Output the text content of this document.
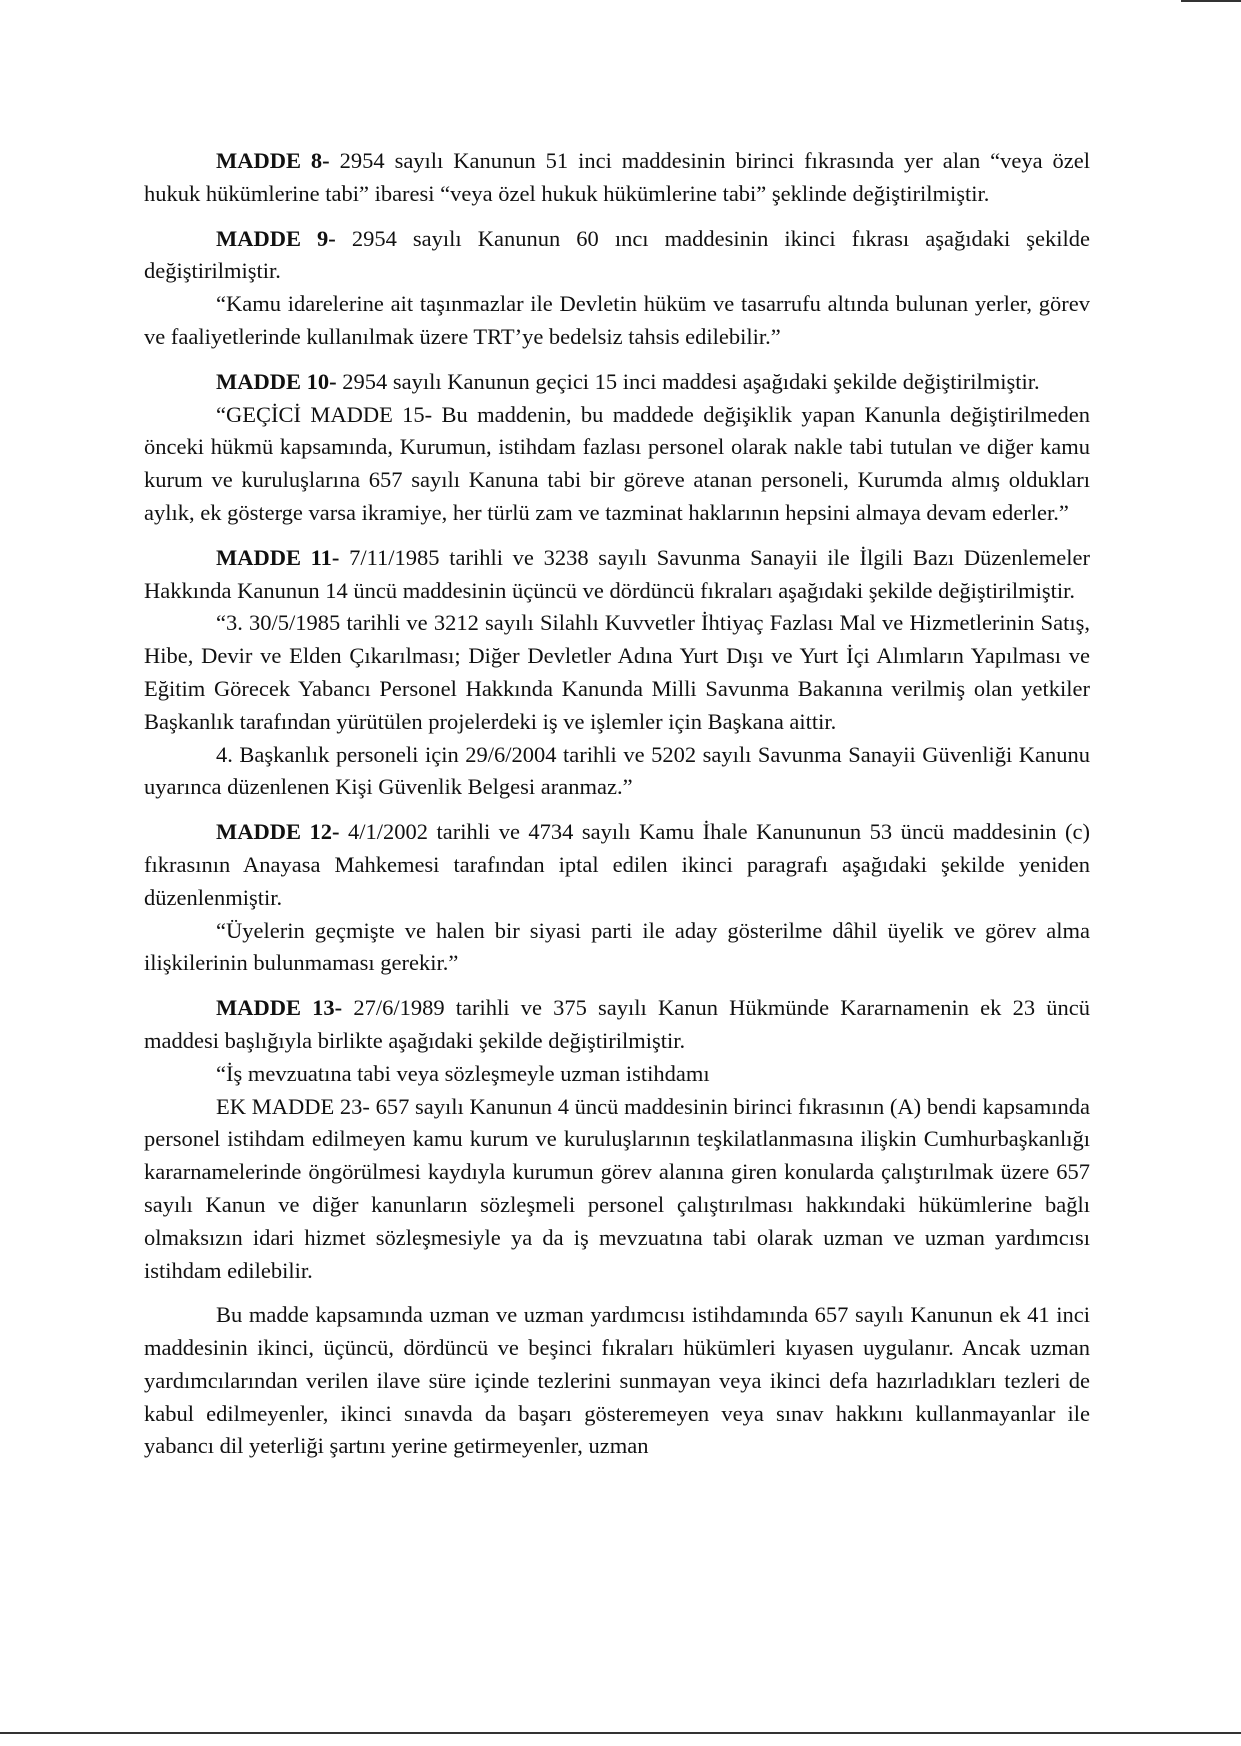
MADDE 8- 2954 sayılı Kanunun 51 inci maddesinin birinci fıkrasında yer alan “veya özel hukuk hükümlerine tabi” ibaresi “veya özel hukuk hükümlerine tabi” şeklinde değiştirilmiştir.

MADDE 9- 2954 sayılı Kanunun 60 ıncı maddesinin ikinci fıkrası aşağıdaki şekilde değiştirilmiştir.

“Kamu idarelerine ait taşınmazlar ile Devletin hüküm ve tasarrufu altında bulunan yerler, görev ve faaliyetlerinde kullanılmak üzere TRT’ye bedelsiz tahsis edilebilir.”

MADDE 10- 2954 sayılı Kanunun geçici 15 inci maddesi aşağıdaki şekilde değiştirilmiştir.

“GEÇİCİ MADDE 15- Bu maddenin, bu maddede değişiklik yapan Kanunla değiştirilmeden önceki hükmü kapsamında, Kurumun, istihdam fazlası personel olarak nakle tabi tutulan ve diğer kamu kurum ve kuruluşlarına 657 sayılı Kanuna tabi bir göreve atanan personeli, Kurumda almış oldukları aylık, ek gösterge varsa ikramiye, her türlü zam ve tazminat haklarının hepsini almaya devam ederler.”

MADDE 11- 7/11/1985 tarihli ve 3238 sayılı Savunma Sanayii ile İlgili Bazı Düzenlemeler Hakkında Kanunun 14 üncü maddesinin üçüncü ve dördüncü fıkraları aşağıdaki şekilde değiştirilmiştir.

“3. 30/5/1985 tarihli ve 3212 sayılı Silahlı Kuvvetler İhtiyaç Fazlası Mal ve Hizmetlerinin Satış, Hibe, Devir ve Elden Çıkarılması; Diğer Devletler Adına Yurt Dışı ve Yurt İçi Alımların Yapılması ve Eğitim Görecek Yabancı Personel Hakkında Kanunda Milli Savunma Bakanına verilmiş olan yetkiler Başkanlık tarafından yürütülen projelerdeki iş ve işlemler için Başkana aittir.

4. Başkanlık personeli için 29/6/2004 tarihli ve 5202 sayılı Savunma Sanayii Güvenliği Kanunu uyarınca düzenlenen Kişi Güvenlik Belgesi aranmaz.”

MADDE 12- 4/1/2002 tarihli ve 4734 sayılı Kamu İhale Kanununun 53 üncü maddesinin (c) fıkrasının Anayasa Mahkemesi tarafından iptal edilen ikinci paragrafı aşağıdaki şekilde yeniden düzenlenmiştir.

“Üyelerin geçmişte ve halen bir siyasi parti ile aday gösterilme dâhil üyelik ve görev alma ilişkilerinin bulunmaması gerekir.”

MADDE 13- 27/6/1989 tarihli ve 375 sayılı Kanun Hükmünde Kararnamenin ek 23 üncü maddesi başlığıyla birlikte aşağıdaki şekilde değiştirilmiştir.

“İş mevzuatına tabi veya sözleşmeyle uzman istihdamı

EK MADDE 23- 657 sayılı Kanunun 4 üncü maddesinin birinci fıkrasının (A) bendi kapsamında personel istihdam edilmeyen kamu kurum ve kuruluşlarının teşkilatlanmasına ilişkin Cumhurbaşkanlığı kararnamelerinde öngörülmesi kaydıyla kurumun görev alanına giren konularda çalıştırılmak üzere 657 sayılı Kanun ve diğer kanunların sözleşmeli personel çalıştırılması hakkındaki hükümlerine bağlı olmaksızın idari hizmet sözleşmesiyle ya da iş mevzuatına tabi olarak uzman ve uzman yardımcısı istihdam edilebilir.

Bu madde kapsamında uzman ve uzman yardımcısı istihdamında 657 sayılı Kanunun ek 41 inci maddesinin ikinci, üçüncü, dördüncü ve beşinci fıkraları hükümleri kıyasen uygulanır. Ancak uzman yardımcılarından verilen ilave süre içinde tezlerini sunmayan veya ikinci defa hazırladıkları tezleri de kabul edilmeyenler, ikinci sınavda da başarı gösteremeyen veya sınav hakkını kullanmayanlar ile yabancı dil yeterliği şartını yerine getirmeyenler, uzman
